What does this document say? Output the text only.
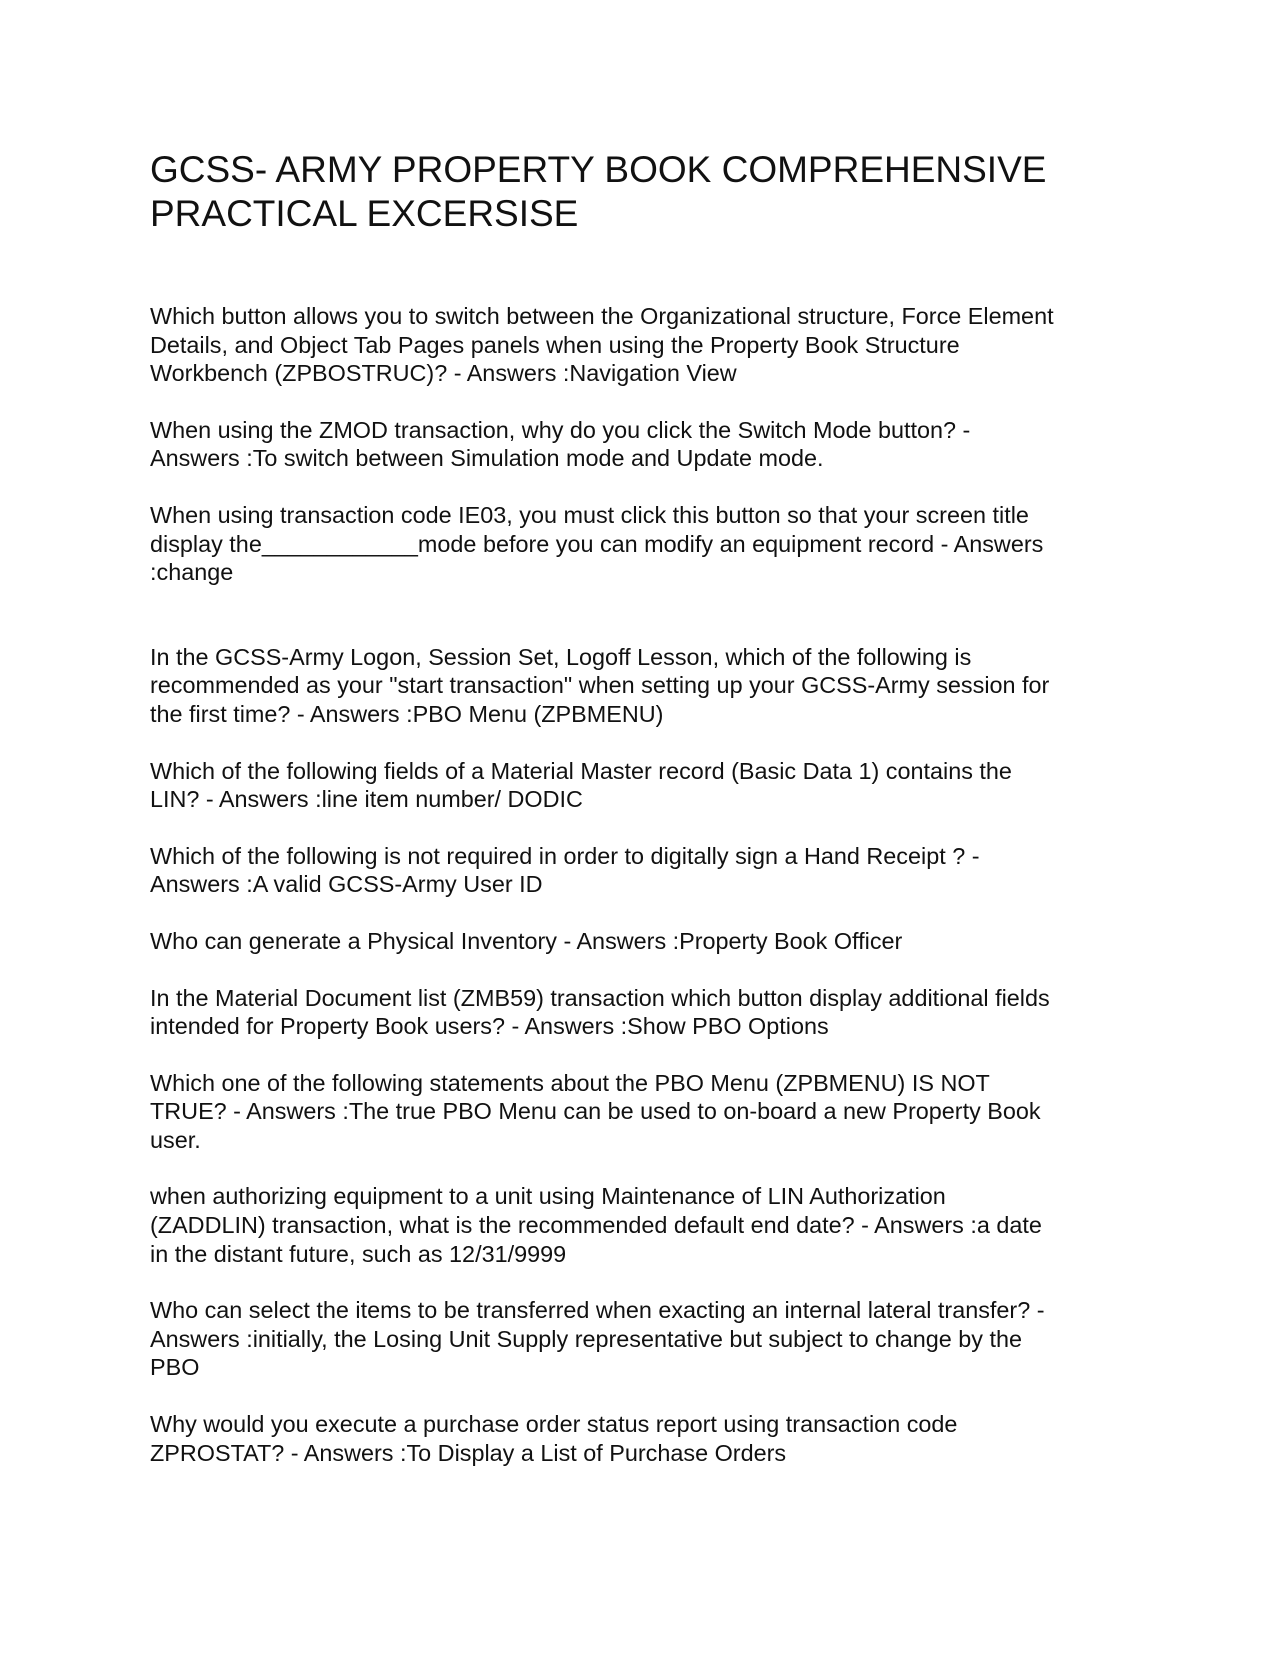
GCSS- ARMY PROPERTY BOOK COMPREHENSIVE
PRACTICAL EXCERSISE

Which button allows you to switch between the Organizational structure, Force Element
Details, and Object Tab Pages panels when using the Property Book Structure
Workbench (ZPBOSTRUC)? - Answers :Navigation View

When using the ZMOD transaction, why do you click the Switch Mode button? -
Answers :To switch between Simulation mode and Update mode.

When using transaction code IE03, you must click this button so that your screen title
display the____________mode before you can modify an equipment record - Answers
:change

In the GCSS-Army Logon, Session Set, Logoff Lesson, which of the following is
recommended as your "start transaction" when setting up your GCSS-Army session for
the first time? - Answers :PBO Menu (ZPBMENU)

Which of the following fields of a Material Master record (Basic Data 1) contains the
LIN? - Answers :line item number/ DODIC

Which of the following is not required in order to digitally sign a Hand Receipt ? -
Answers :A valid GCSS-Army User ID

Who can generate a Physical Inventory - Answers :Property Book Officer

In the Material Document list (ZMB59) transaction which button display additional fields
intended for Property Book users? - Answers :Show PBO Options

Which one of the following statements about the PBO Menu (ZPBMENU) IS NOT
TRUE? - Answers :The true PBO Menu can be used to on-board a new Property Book
user.

when authorizing equipment to a unit using Maintenance of LIN Authorization
(ZADDLIN) transaction, what is the recommended default end date? - Answers :a date
in the distant future, such as 12/31/9999

Who can select the items to be transferred when exacting an internal lateral transfer? -
Answers :initially, the Losing Unit Supply representative but subject to change by the
PBO

Why would you execute a purchase order status report using transaction code
ZPROSTAT? - Answers :To Display a List of Purchase Orders
